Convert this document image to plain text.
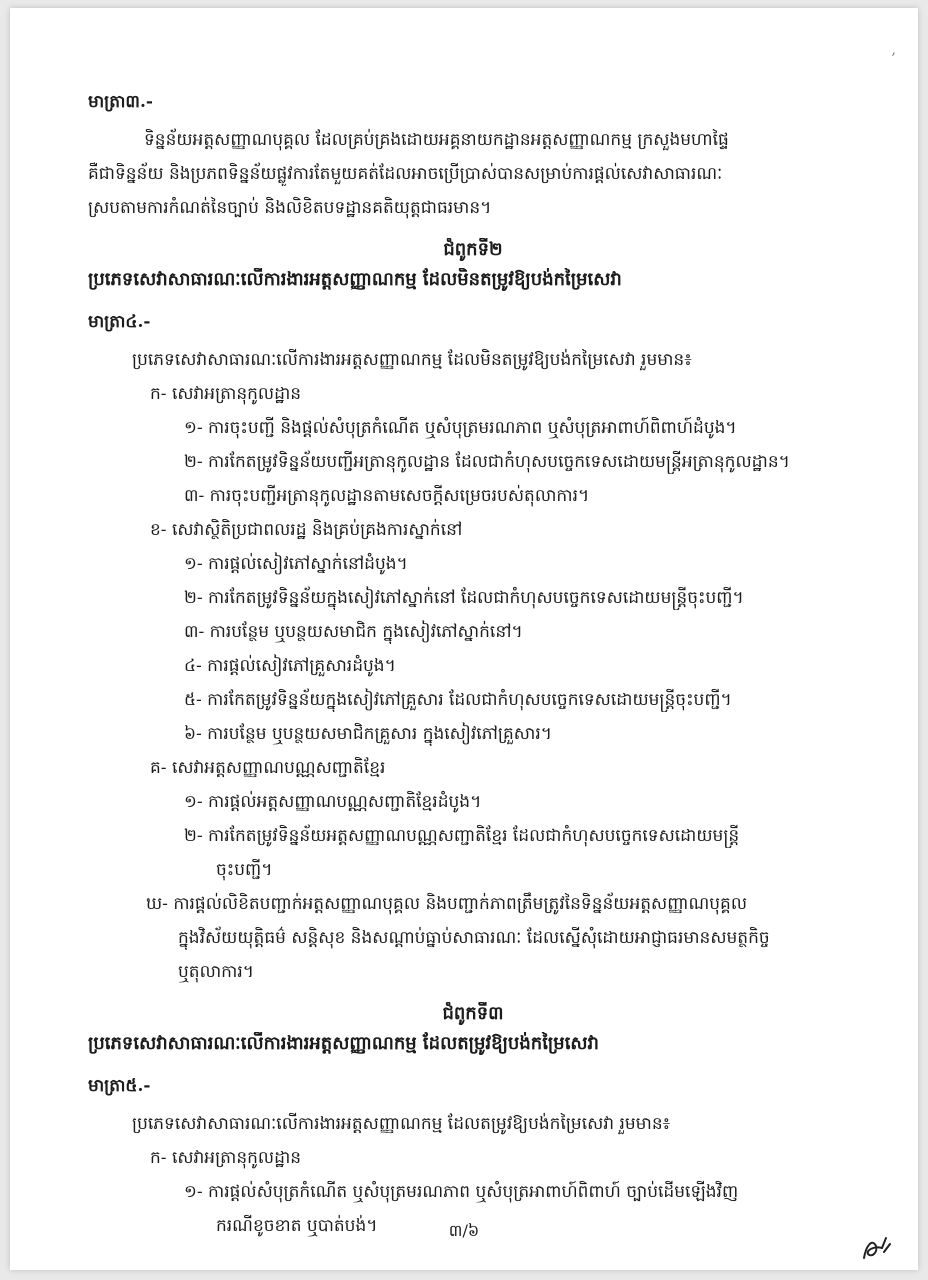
,
មាត្រា៣.-
ទិន្នន័យអត្តសញ្ញាណបុគ្គល ដែលគ្រប់គ្រងដោយអគ្គនាយកដ្ឋានអត្តសញ្ញាណកម្ម ក្រសួងមហាផ្ទៃ
គឺជាទិន្នន័យ និងប្រភពទិន្នន័យផ្លូវការតែមួយគត់ដែលអាចប្រើប្រាស់បានសម្រាប់ការផ្តល់សេវាសាធារណៈ
ស្របតាមការកំណត់នៃច្បាប់ និងលិខិតបទដ្ឋានគតិយុត្តជាធរមាន។
ជំពូកទី២
ប្រភេទសេវាសាធារណៈលើការងារអត្តសញ្ញាណកម្ម ដែលមិនតម្រូវឱ្យបង់កម្រៃសេវា
មាត្រា៤.-
ប្រភេទសេវាសាធារណៈលើការងារអត្តសញ្ញាណកម្ម ដែលមិនតម្រូវឱ្យបង់កម្រៃសេវា រួមមាន៖
ក- សេវាអត្រានុកូលដ្ឋាន
១- ការចុះបញ្ជី និងផ្តល់សំបុត្រកំណើត ឬសំបុត្រមរណភាព ឬសំបុត្រអាពាហ៍ពិពាហ៍ដំបូង។
២- ការកែតម្រូវទិន្នន័យបញ្ជីអត្រានុកូលដ្ឋាន ដែលជាកំហុសបច្ចេកទេសដោយមន្ត្រីអត្រានុកូលដ្ឋាន។
៣- ការចុះបញ្ជីអត្រានុកូលដ្ឋានតាមសេចក្តីសម្រេចរបស់តុលាការ។
ខ- សេវាស្ថិតិប្រជាពលរដ្ឋ និងគ្រប់គ្រងការស្នាក់នៅ
១- ការផ្តល់សៀវភៅស្នាក់នៅដំបូង។
២- ការកែតម្រូវទិន្នន័យក្នុងសៀវភៅស្នាក់នៅ ដែលជាកំហុសបច្ចេកទេសដោយមន្ត្រីចុះបញ្ជី។
៣- ការបន្ថែម ឬបន្ថយសមាជិក ក្នុងសៀវភៅស្នាក់នៅ។
៤- ការផ្តល់សៀវភៅគ្រួសារដំបូង។
៥- ការកែតម្រូវទិន្នន័យក្នុងសៀវភៅគ្រួសារ ដែលជាកំហុសបច្ចេកទេសដោយមន្ត្រីចុះបញ្ជី។
៦- ការបន្ថែម ឬបន្ថយសមាជិកគ្រួសារ ក្នុងសៀវភៅគ្រួសារ។
គ- សេវាអត្តសញ្ញាណបណ្ណសញ្ជាតិខ្មែរ
១- ការផ្តល់អត្តសញ្ញាណបណ្ណសញ្ជាតិខ្មែរដំបូង។
២- ការកែតម្រូវទិន្នន័យអត្តសញ្ញាណបណ្ណសញ្ជាតិខ្មែរ ដែលជាកំហុសបច្ចេកទេសដោយមន្ត្រី
ចុះបញ្ជី។
ឃ- ការផ្តល់លិខិតបញ្ជាក់អត្តសញ្ញាណបុគ្គល និងបញ្ជាក់ភាពត្រឹមត្រូវនៃទិន្នន័យអត្តសញ្ញាណបុគ្គល
ក្នុងវិស័យយុត្តិធម៌ សន្តិសុខ និងសណ្តាប់ធ្នាប់សាធារណៈ ដែលស្នើសុំដោយអាជ្ញាធរមានសមត្ថកិច្ច
ឬតុលាការ។
ជំពូកទី៣
ប្រភេទសេវាសាធារណៈលើការងារអត្តសញ្ញាណកម្ម ដែលតម្រូវឱ្យបង់កម្រៃសេវា
មាត្រា៥.-
ប្រភេទសេវាសាធារណៈលើការងារអត្តសញ្ញាណកម្ម ដែលតម្រូវឱ្យបង់កម្រៃសេវា រួមមាន៖
ក- សេវាអត្រានុកូលដ្ឋាន
១- ការផ្តល់សំបុត្រកំណើត ឬសំបុត្រមរណភាព ឬសំបុត្រអាពាហ៍ពិពាហ៍ ច្បាប់ដើមឡើងវិញ
ករណីខូចខាត ឬបាត់បង់។	៣/៦
